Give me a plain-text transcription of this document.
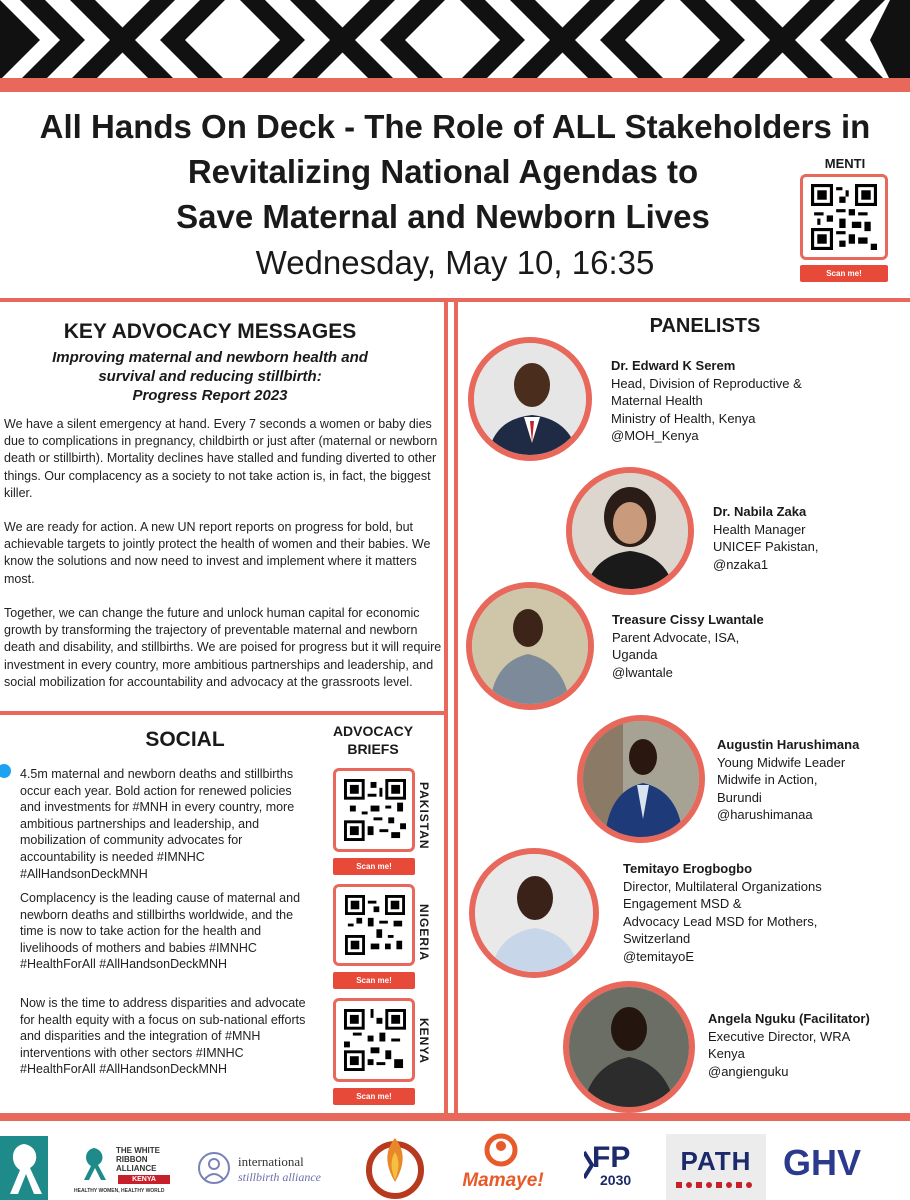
All Hands On Deck - The Role of ALL Stakeholders in
Revitalizing National Agendas to
Save Maternal and Newborn Lives
Wednesday, May 10, 16:35
MENTI
Scan me!
KEY ADVOCACY MESSAGES
Improving maternal and newborn health and
survival and reducing stillbirth:
Progress Report 2023
We have a silent emergency at hand. Every 7 seconds a women or baby dies due to complications in pregnancy, childbirth or just after (maternal or newborn death or stillbirth). Mortality declines have stalled and funding diverted to other things. Our complacency as a society to not take action is, in fact, the biggest killer.
We are ready for action. A new UN report reports on progress for bold, but achievable targets to jointly protect the health of women and their babies. We know the solutions and now need to invest and implement where it matters most.
Together, we can change the future and unlock human capital for economic growth by transforming the trajectory of preventable maternal and newborn death and disability, and stillbirths. We are poised for progress but it will require investment in every country, more ambitious partnerships and leadership, and social mobilization for accountability and advocacy at the grassroots level.
SOCIAL
4.5m maternal and newborn deaths and stillbirths occur each year. Bold action for renewed policies and investments for #MNH in every country, more ambitious partnerships and leadership, and mobilization of community advocates for accountability is needed #IMNHC #AllHandsonDeckMNH
Complacency is the leading cause of maternal and newborn deaths and stillbirths worldwide, and the time is now to take action for the health and livelihoods of mothers and babies #IMNHC #HealthForAll #AllHandsonDeckMNH
Now is the time to address disparities and advocate for health equity with a focus on sub-national efforts and disparities and the integration of #MNH interventions with other sectors #IMNHC #HealthForAll #AllHandsonDeckMNH
ADVOCACY
BRIEFS
Scan me!
PAKISTAN
Scan me!
NIGERIA
Scan me!
KENYA
PANELISTS
Dr. Edward K Serem
Head, Division of Reproductive &
Maternal Health
Ministry of Health, Kenya
@MOH_Kenya
Dr. Nabila Zaka
Health Manager
UNICEF Pakistan,
@nzaka1
Treasure Cissy Lwantale
Parent Advocate, ISA,
Uganda
@lwantale
Augustin Harushimana
Young Midwife Leader
Midwife in Action,
Burundi
@harushimanaa
Temitayo Erogbogbo
Director, Multilateral Organizations
Engagement MSD &
Advocacy Lead MSD for Mothers,
Switzerland
@temitayoE
Angela Nguku (Facilitator)
Executive Director, WRA
Kenya
@angienguku
THE WHITE
RIBBON
ALLIANCE
KENYA
HEALTHY WOMEN, HEALTHY WORLD
international
stillbirth alliance	Mamaye!
FP
2030
PATH GHV
